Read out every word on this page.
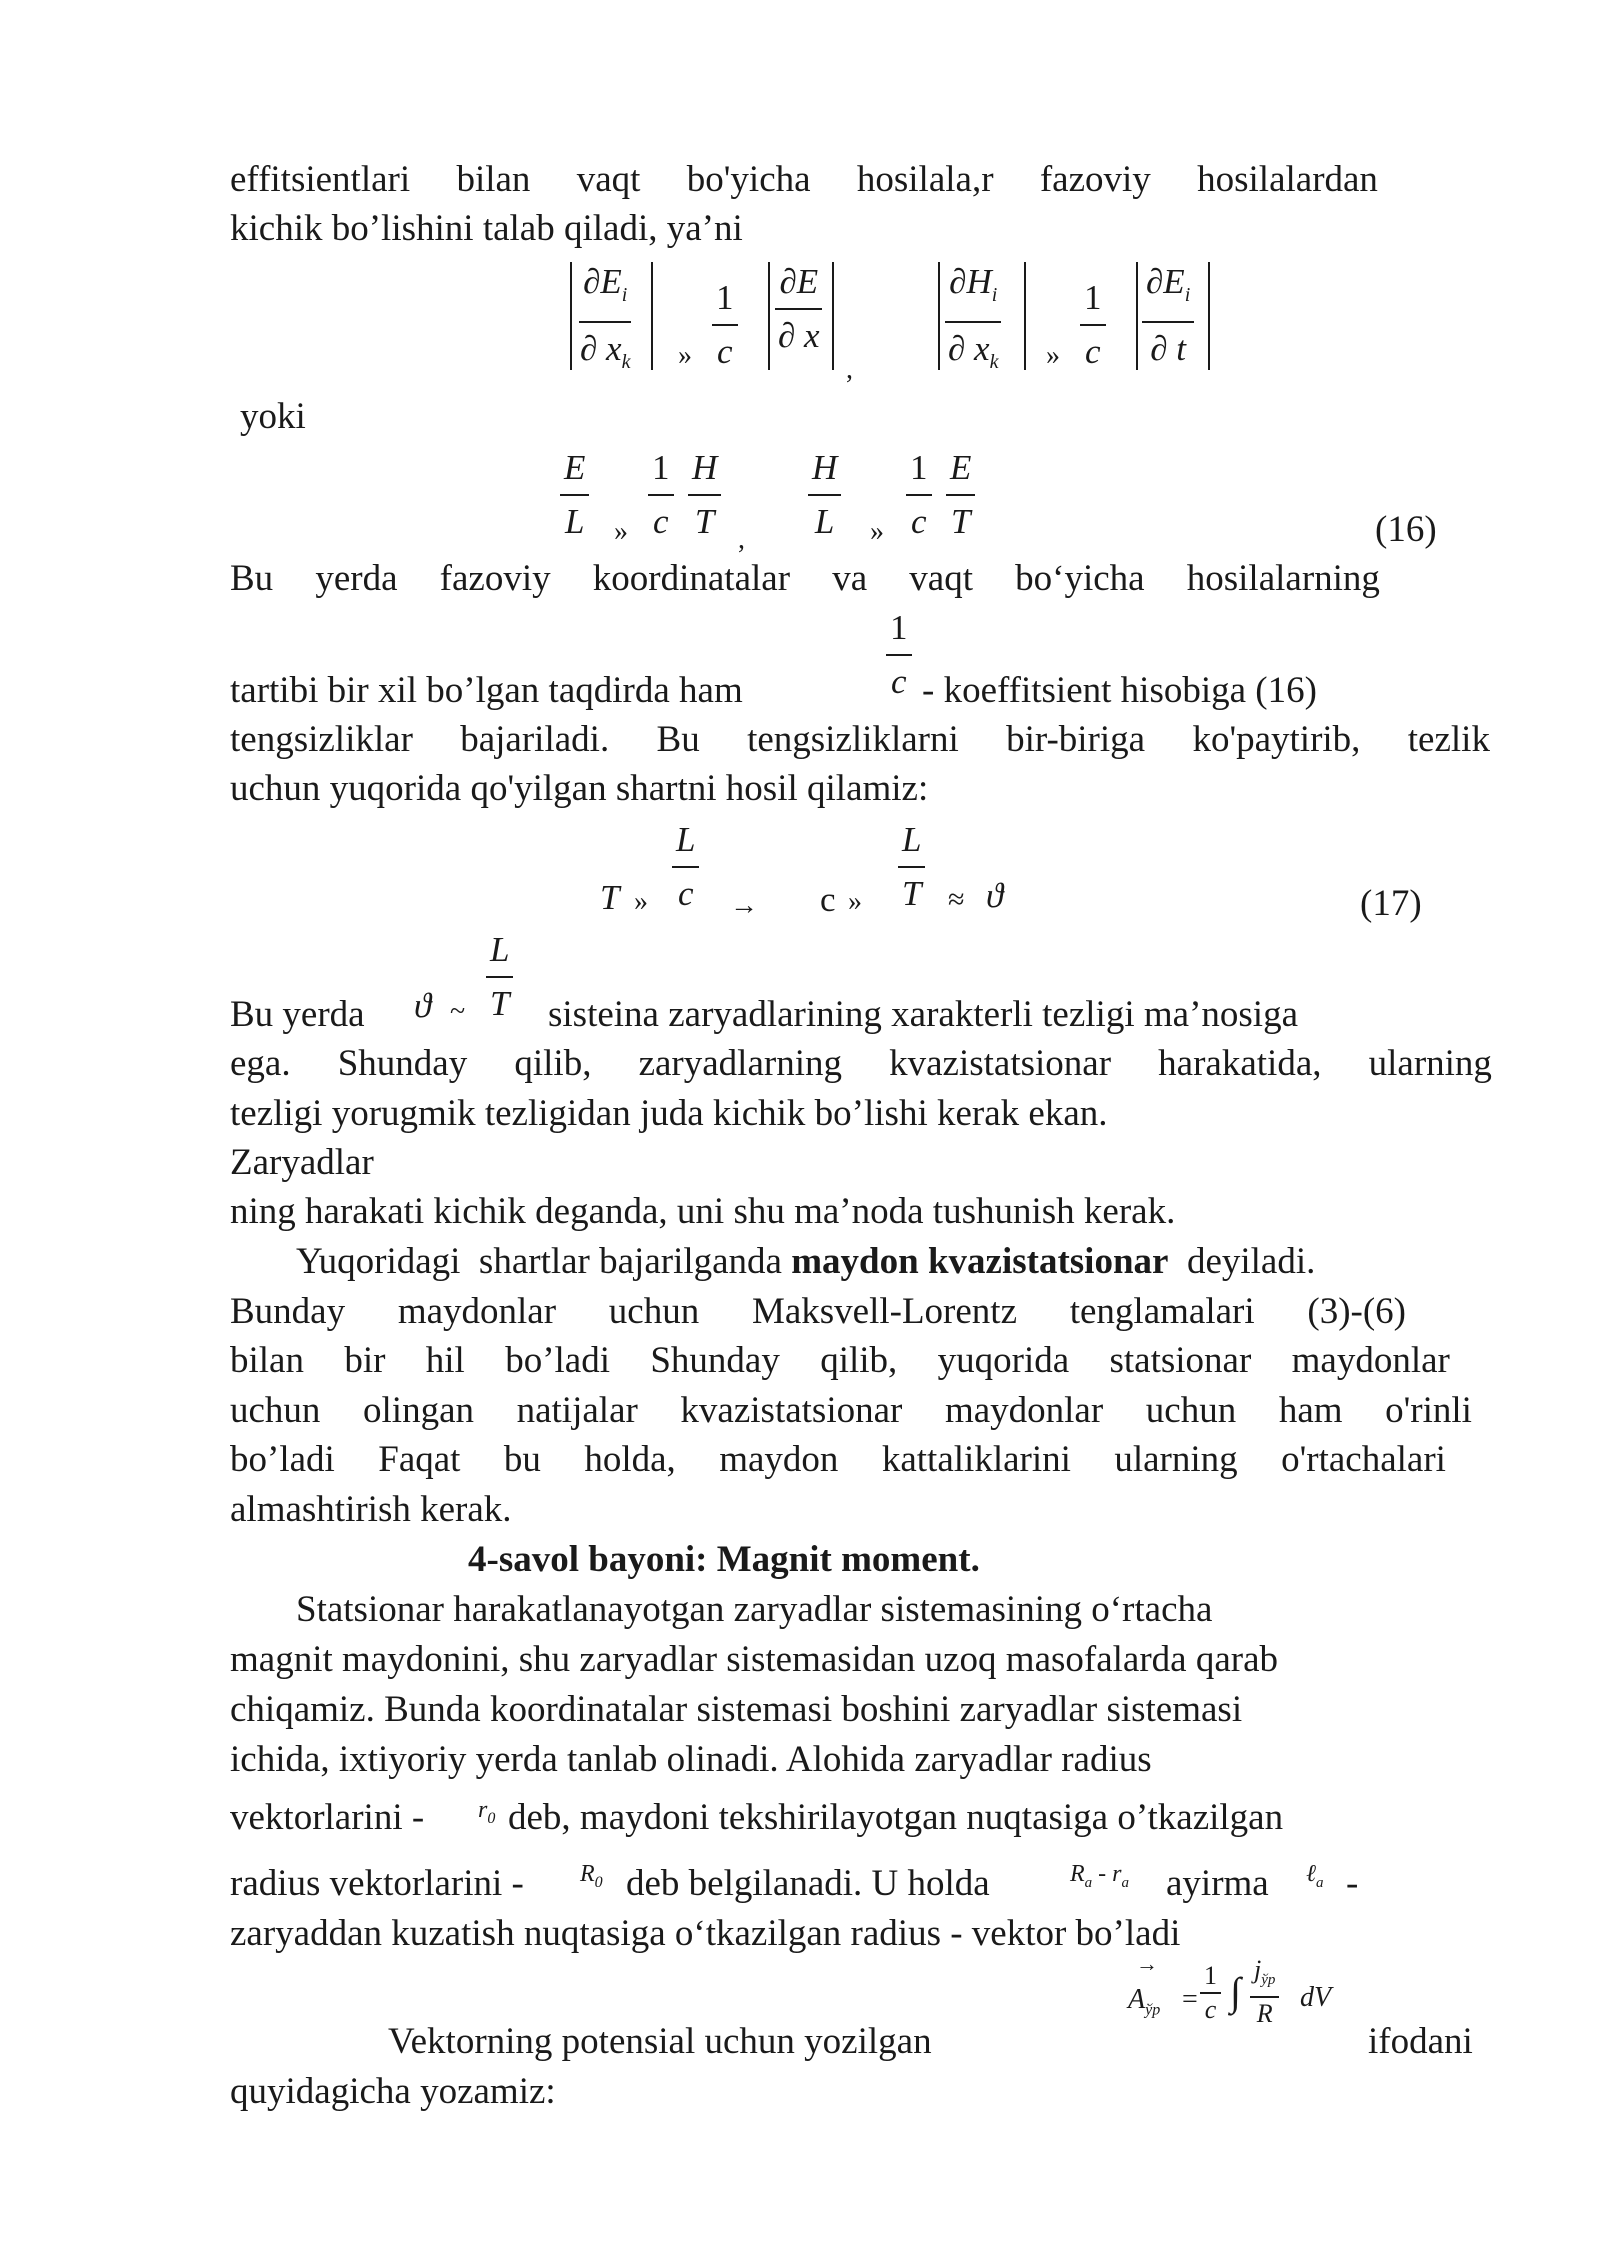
effitsientlari bilan vaqt bo'yicha hosilala,r fazoviy hosilalardan
kichik bo’lishini talab qiladi, ya’ni
$\frac{\partial E_i}{\partial x_k}$ » $\frac{1}{c} \frac{\partial E}{\partial x}$
,	$\frac{\partial H_i}{\partial x_k}$ » $\frac{1}{c} \frac{\partial E_i}{\partial t}$
yoki
$\frac{E}{L}$ » $\frac{1}{c} \frac{H}{T}$ , $\frac{H}{L}$ » $\frac{1}{c} \frac{E}{T}$	(16)
Bu yerda fazoviy koordinatalar va vaqt bo‘yicha hosilalarning
$\frac{1}{c}$
tartibi bir xil bo’lgan taqdirda ham	- koeffitsient hisobiga (16)
tengsizliklar bajariladi. Bu tengsizliklarni bir-biriga ko'paytirib, tezlik
uchun yuqorida qo'yilgan shartni hosil qilamiz:
T » $\frac{L}{c} \to c$ » $\frac{L}{T} \approx ϑ$	(17)
Bu yerda ϑ ~ $\frac{L}{T}$ sisteina zaryadlarining xarakterli tezligi ma’nosiga
ega. Shunday qilib, zaryadlarning kvazistatsionar harakatida, ularning
tezligi yorugmik tezligidan juda kichik bo’lishi kerak ekan.
Zaryadlar
ning harakati kichik deganda, uni shu ma’noda tushunish kerak.
Yuqoridagi  shartlar bajarilganda maydon kvazistatsionar  deyiladi.
Bunday maydonlar uchun Maksvell-Lorentz tenglamalari (3)-(6)
bilan bir hil bo’ladi Shunday qilib, yuqorida statsionar maydonlar
uchun olingan natijalar kvazistatsionar maydonlar uchun ham o'rinli
bo’ladi Faqat bu holda, maydon kattaliklarini ularning o'rtachalari
almashtirish kerak.
4-savol bayoni: Magnit moment.
Statsionar harakatlanayotgan zaryadlar sistemasining o‘rtacha
magnit maydonini, shu zaryadlar sistemasidan uzoq masofalarda qarab
chiqamiz. Bunda koordinatalar sistemasi boshini zaryadlar sistemasi
ichida, ixtiyoriy yerda tanlab olinadi. Alohida zaryadlar radius
vektorlarini - $r_0$ deb, maydoni tekshirilayotgan nuqtasiga o’tkazilgan
radius vektorlarini - $R_0$ deb belgilanadi. U holda	$R_a - r_a$ ayirma ℓ$_a$ -
zaryaddan kuzatish nuqtasiga o‘tkazilgan radius - vektor bo’ladi
Vektorning potensial uchun yozilgan
→
$A_{ўр} = \frac{1}{c}$ ∫ $j_{ўр}$
R
dV
ifodani
quyidagicha yozamiz:
